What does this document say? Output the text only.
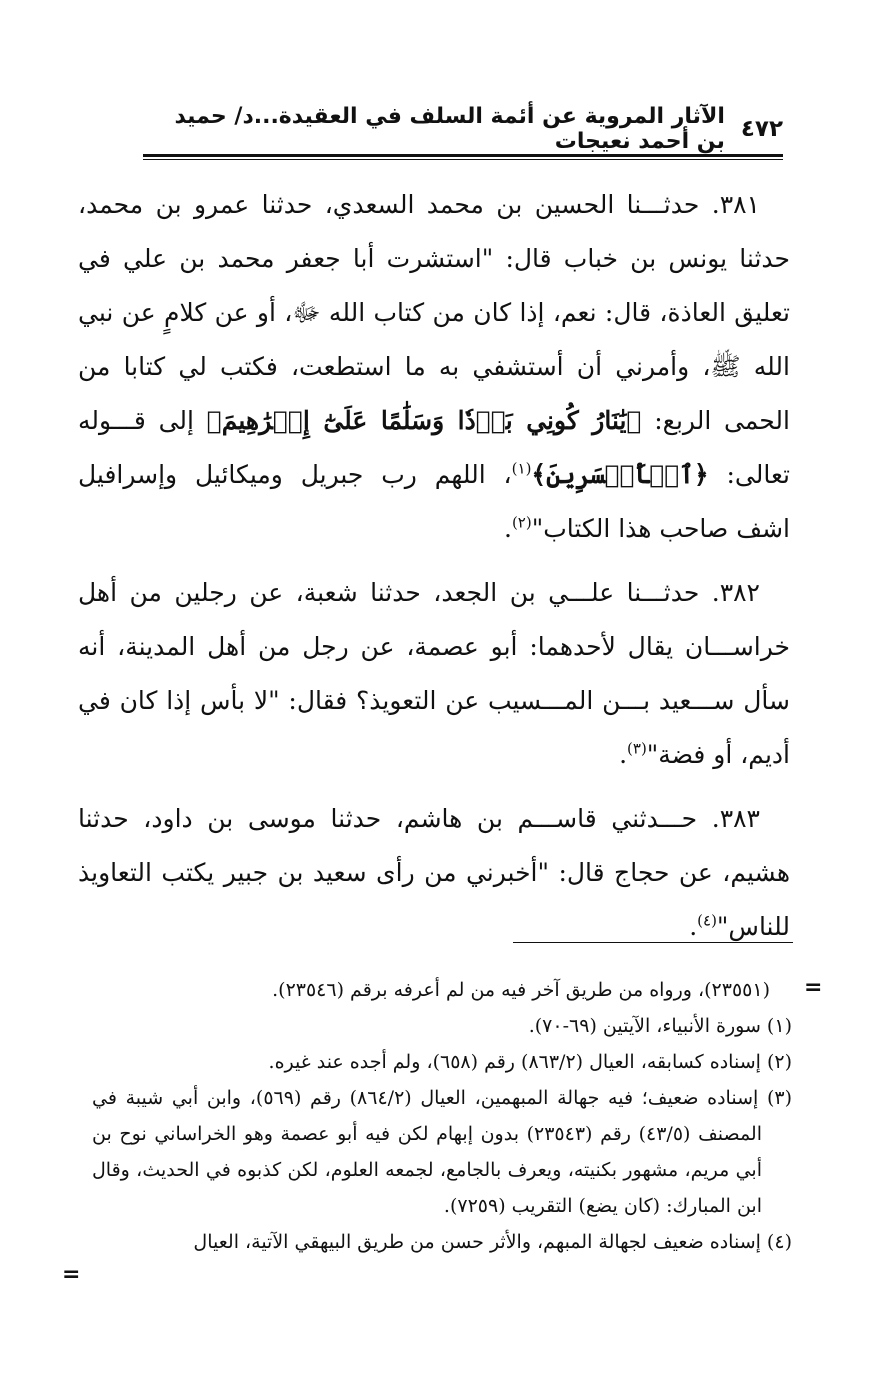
٤٧٢
الآثار المروية عن أئمة السلف في العقيدة...د/ حميد بن أحمد نعيجات

٣٨١. حدثـــنا الحسين بن محمد السعدي، حدثنا عمرو بن محمد، حدثنا يونس بن خباب قال: "استشرت أبا جعفر محمد بن علي في تعليق العاذة، قال: نعم، إذا كان من كتاب الله ﷻ، أو عن كلامٍ عن نبي الله ﷺ، وأمرني أن أستشفي به ما استطعت، فكتب لي كتابا من الحمى الربع: ﴿يَٰنَارُ كُونِي بَرۡدٗا وَسَلَٰمًا عَلَىٰٓ إِبۡرَٰهِيمَ﴾ إلى قـــوله تعالى: ﴿ٱلۡأَخۡسَرِينَ﴾$^{(١)}$، اللهم رب جبريل وميكائيل وإسرافيل اشف صاحب هذا الكتاب"$^{(٢)}$.

٣٨٢. حدثـــنا علـــي بن الجعد، حدثنا شعبة، عن رجلين من أهل خراســـان يقال لأحدهما: أبو عصمة، عن رجل من أهل المدينة، أنه سأل ســـعيد بـــن المـــسيب عن التعويذ؟ فقال: "لا بأس إذا كان في أديم، أو فضة"$^{(٣)}$.

٣٨٣. حـــدثني قاســـم بن هاشم، حدثنا موسى بن داود، حدثنا هشيم، عن حجاج قال: "أخبرني من رأى سعيد بن جبير يكتب التعاويذ للناس"$^{(٤)}$.

=

(٢٣٥٥١)، ورواه من طريق آخر فيه من لم أعرفه برقم (٢٣٥٤٦).

(١) سورة الأنبياء، الآيتين (٦٩-٧٠).

(٢) إسناده كسابقه، العيال (٨٦٣/٢) رقم (٦٥٨)، ولم أجده عند غيره.

(٣) إسناده ضعيف؛ فيه جهالة المبهمين، العيال (٨٦٤/٢) رقم (٥٦٩)، وابن أبي شيبة في المصنف (٤٣/٥) رقم (٢٣٥٤٣) بدون إبهام لكن فيه أبو عصمة وهو الخراساني نوح بن أبي مريم، مشهور بكنيته، ويعرف بالجامع، لجمعه العلوم، لكن كذبوه في الحديث، وقال ابن المبارك: (كان يضع) التقريب (٧٢٥٩).

(٤) إسناده ضعيف لجهالة المبهم، والأثر حسن من طريق البيهقي الآتية، العيال

=
